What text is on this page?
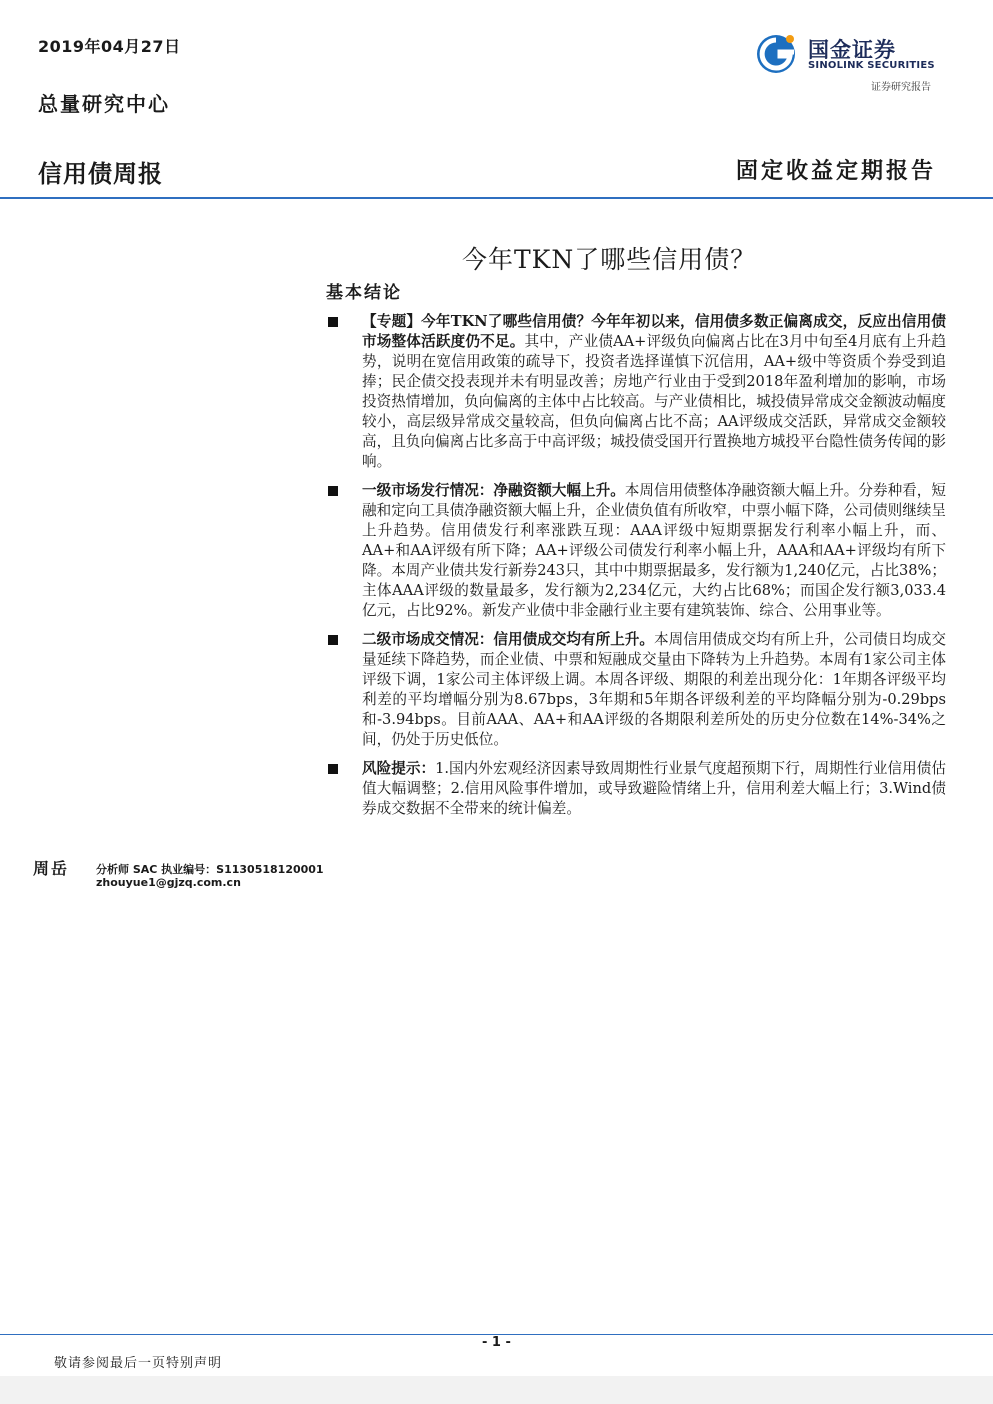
2019年04月27日
总量研究中心
国金证券
SINOLINK SECURITIES
证券研究报告
信用债周报	固定收益定期报告
今年TKN了哪些信用债？
基本结论
【专题】今年TKN了哪些信用债？今年年初以来，信用债多数正偏离成交，反应出信用债市场整体活跃度仍不足。其中，产业债AA+评级负向偏离占比在3月中旬至4月底有上升趋势，说明在宽信用政策的疏导下，投资者选择谨慎下沉信用，AA+级中等资质个券受到追捧；民企债交投表现并未有明显改善；房地产行业由于受到2018年盈利增加的影响，市场投资热情增加，负向偏离的主体中占比较高。与产业债相比，城投债异常成交金额波动幅度较小，高层级异常成交量较高，但负向偏离占比不高；AA评级成交活跃，异常成交金额较高，且负向偏离占比多高于中高评级；城投债受国开行置换地方城投平台隐性债务传闻的影响。
一级市场发行情况：净融资额大幅上升。本周信用债整体净融资额大幅上升。分券种看，短融和定向工具债净融资额大幅上升，企业债负值有所收窄，中票小幅下降，公司债则继续呈上升趋势。信用债发行利率涨跌互现：AAA评级中短期票据发行利率小幅上升，而、AA+和AA评级有所下降；AA+评级公司债发行利率小幅上升，AAA和AA+评级均有所下降。本周产业债共发行新券243只，其中中期票据最多，发行额为1,240亿元，占比38%；主体AAA评级的数量最多，发行额为2,234亿元，大约占比68%；而国企发行额3,033.4亿元，占比92%。新发产业债中非金融行业主要有建筑装饰、综合、公用事业等。
二级市场成交情况：信用债成交均有所上升。本周信用债成交均有所上升，公司债日均成交量延续下降趋势，而企业债、中票和短融成交量由下降转为上升趋势。本周有1家公司主体评级下调，1家公司主体评级上调。本周各评级、期限的利差出现分化：1年期各评级平均利差的平均增幅分别为8.67bps，3年期和5年期各评级利差的平均降幅分别为-0.29bps和-3.94bps。目前AAA、AA+和AA评级的各期限利差所处的历史分位数在14%-34%之间，仍处于历史低位。
风险提示：1.国内外宏观经济因素导致周期性行业景气度超预期下行，周期性行业信用债估值大幅调整；2.信用风险事件增加，或导致避险情绪上升，信用利差大幅上行；3.Wind债券成交数据不全带来的统计偏差。
周岳 分析师 SAC 执业编号：S1130518120001
zhouyue1@gjzq.com.cn
- 1 -
敬请参阅最后一页特别声明
